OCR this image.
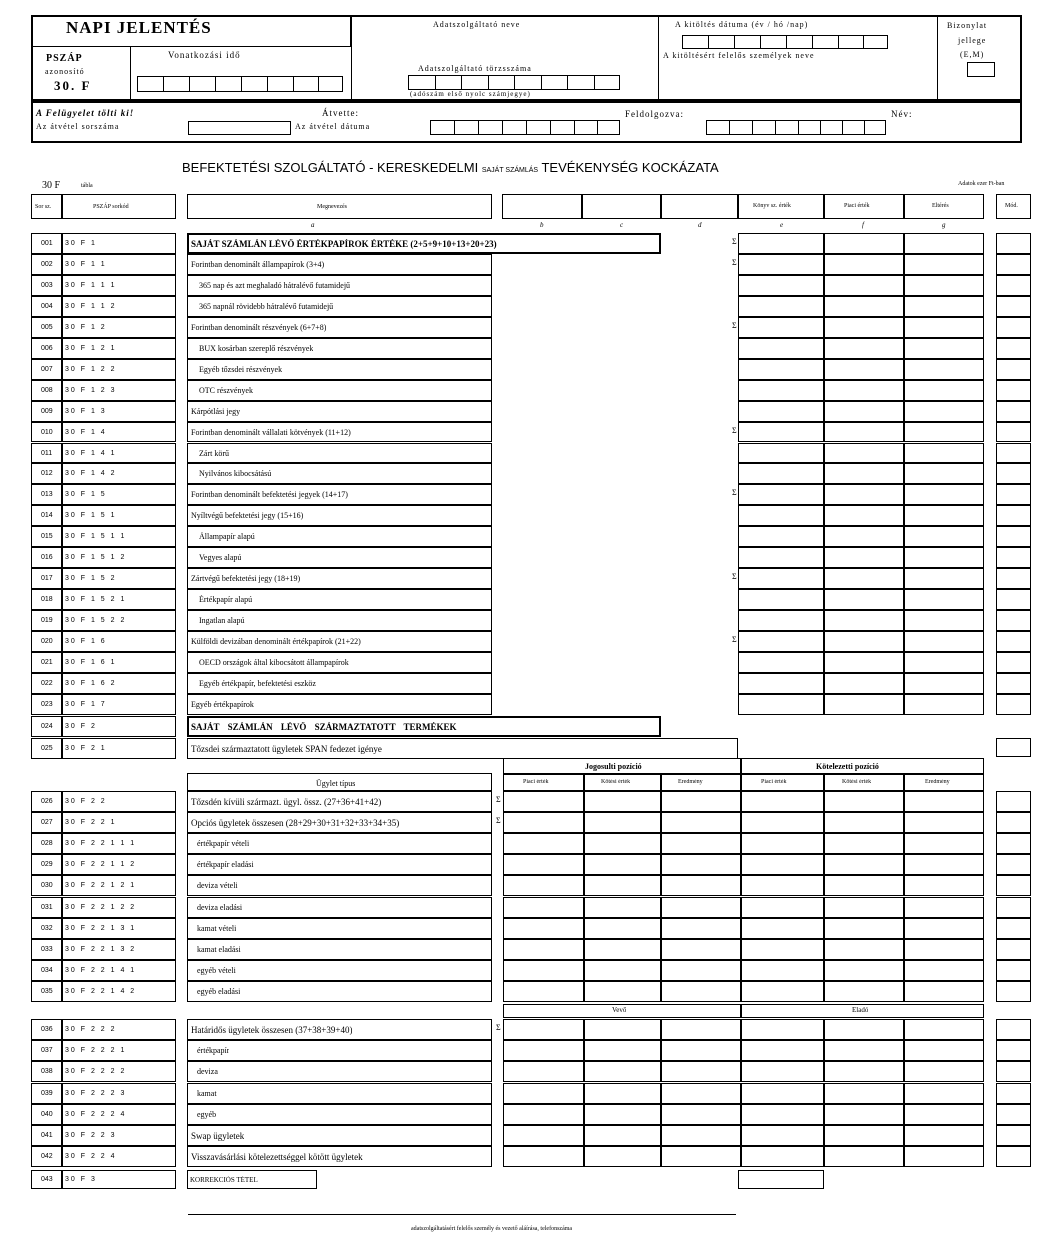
NAPI JELENTÉS
PSZÁP
azonosító
30. F
Vonatkozási idő
Adatszolgáltató neve
Adatszolgáltató törzsszáma
(adószám első nyolc számjegye)
A kitöltés dátuma (év / hó /nap)
A kitöltésért felelős személyek neve
Bizonylat
jellege
(E,M)
A Felügyelet tölti ki!
Az átvétel sorszáma
Átvette:
Az átvétel dátuma
Feldolgozva:	Név:
BEFEKTETÉSI SZOLGÁLTATÓ - KERESKEDELMI SAJÁT SZÁMLÁS TEVÉKENYSÉG KOCKÁZATA
30 F	tábla	Adatok ezer Ft-ban
Sor sz.	PSZÁP sorkód	Megnevezés	Könyv sz. érték	Piaci érték	Eltérés	Mód.
a	b	c	d	e	f	g
001 30 F 1	SAJÁT SZÁMLÁN LÉVŐ ÉRTÉKPAPÍROK ÉRTÉKE (2+5+9+10+13+20+23)	Σ
002 30 F 1 1	Forintban denominált állampapírok (3+4)	Σ
003 30 F 1 1 1	365 nap és azt meghaladó hátralévő futamidejű
004 30 F 1 1 2	365 napnál rövidebb hátralévő futamidejű
005 30 F 1 2	Forintban denominált részvények (6+7+8)	Σ
006 30 F 1 2 1	BUX kosárban szereplő részvények
007 30 F 1 2 2	Egyéb tőzsdei részvények
008 30 F 1 2 3	OTC részvények
009 30 F 1 3	Kárpótlási jegy
010 30 F 1 4	Forintban denominált vállalati kötvények (11+12)	Σ
011 30 F 1 4 1	Zárt körű
012 30 F 1 4 2	Nyilvános kibocsátású
013 30 F 1 5	Forintban denominált befektetési jegyek (14+17)	Σ
014 30 F 1 5 1	Nyíltvégű befektetési jegy (15+16)
015 30 F 1 5 1 1	Állampapír alapú
016 30 F 1 5 1 2	Vegyes alapú
017 30 F 1 5 2	Zártvégű befektetési jegy (18+19)	Σ
018 30 F 1 5 2 1	Értékpapír alapú
019 30 F 1 5 2 2	Ingatlan alapú
020 30 F 1 6	Külföldi devizában denominált értékpapírok (21+22)	Σ
021 30 F 1 6 1	OECD országok által kibocsátott állampapírok
022 30 F 1 6 2	Egyéb értékpapír, befektetési eszköz
023 30 F 1 7	Egyéb értékpapírok
024 30 F 2	SAJÁT SZÁMLÁN LÉVŐ SZÁRMAZTATOTT TERMÉKEK
025 30 F 2 1	Tőzsdei származtatott ügyletek SPAN fedezet igénye
Ügylet típus
Jogosulti pozíció	Kötelezetti pozíció
Piaci érték	Kötési érték	Eredmény	Piaci érték	Kötési érték	Eredmény
026 30 F 2 2	Tőzsdén kívüli származt. ügyl. össz. (27+36+41+42)	Σ
027 30 F 2 2 1	Opciós ügyletek összesen (28+29+30+31+32+33+34+35)	Σ
028 30 F 2 2 1 1 1	értékpapír vételi
029 30 F 2 2 1 1 2	értékpapír eladási
030 30 F 2 2 1 2 1	deviza vételi
031 30 F 2 2 1 2 2	deviza eladási
032 30 F 2 2 1 3 1	kamat vételi
033 30 F 2 2 1 3 2	kamat eladási
034 30 F 2 2 1 4 1	egyéb vételi
035 30 F 2 2 1 4 2	egyéb eladási
Vevő	Eladó
036 30 F 2 2 2	Határidős ügyletek összesen (37+38+39+40)	Σ
037 30 F 2 2 2 1	értékpapír
038 30 F 2 2 2 2	deviza
039 30 F 2 2 2 3	kamat
040 30 F 2 2 2 4	egyéb
041 30 F 2 2 3	Swap ügyletek
042 30 F 2 2 4	Visszavásárlási kötelezettséggel kötött ügyletek
043 30 F 3	KORREKCIÓS TÉTEL
adatszolgáltatásért felelős személy és vezető aláírása, telefonszáma
